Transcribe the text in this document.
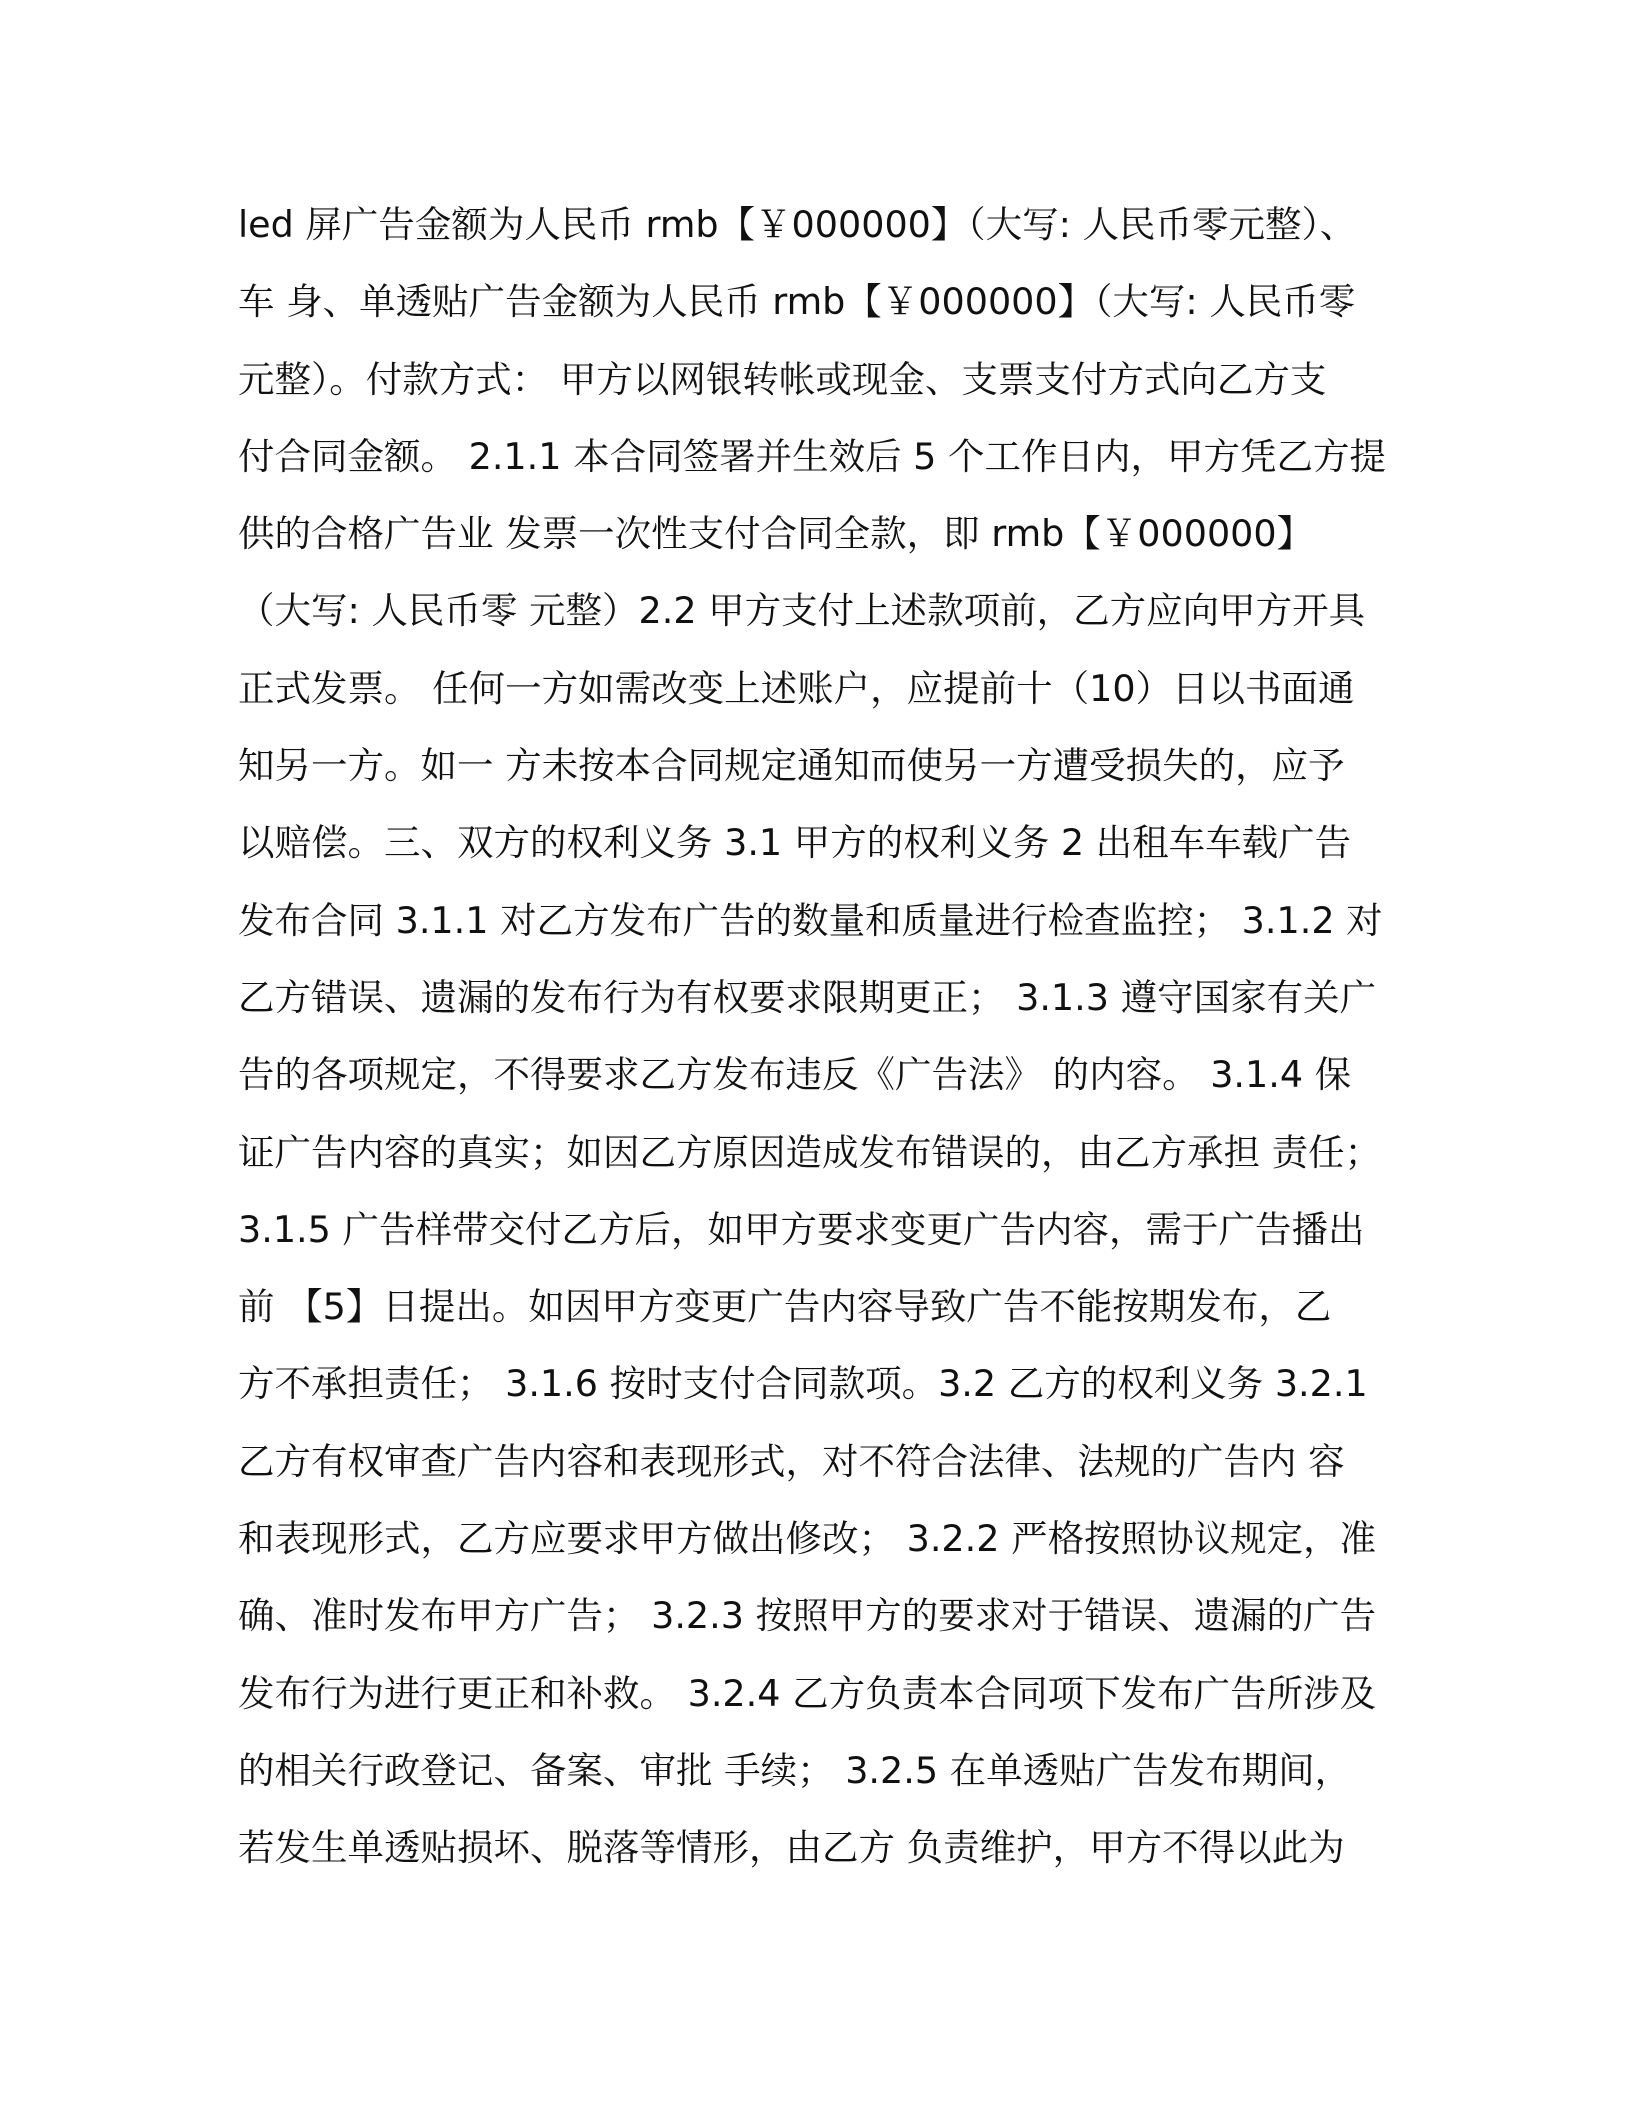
led 屏广告金额为人民币 rmb【￥000000】（大写: 人民币零元整）、
车 身、单透贴广告金额为人民币 rmb【￥000000】（大写: 人民币零
元整）。付款方式： 甲方以网银转帐或现金、支票支付方式向乙方支
付合同金额。 2.1.1 本合同签署并生效后 5 个工作日内，甲方凭乙方提
供的合格广告业 发票一次性支付合同全款，即 rmb【￥000000】
（大写: 人民币零 元整）2.2 甲方支付上述款项前，乙方应向甲方开具
正式发票。 任何一方如需改变上述账户，应提前十（10）日以书面通
知另一方。如一 方未按本合同规定通知而使另一方遭受损失的，应予
以赔偿。三、双方的权利义务 3.1 甲方的权利义务 2 出租车车载广告
发布合同 3.1.1 对乙方发布广告的数量和质量进行检查监控； 3.1.2 对
乙方错误、遗漏的发布行为有权要求限期更正； 3.1.3 遵守国家有关广
告的各项规定，不得要求乙方发布违反《广告法》 的内容。 3.1.4 保
证广告内容的真实；如因乙方原因造成发布错误的，由乙方承担 责任；
3.1.5 广告样带交付乙方后，如甲方要求变更广告内容，需于广告播出
前 【5】日提出。如因甲方变更广告内容导致广告不能按期发布，乙
方不承担责任； 3.1.6 按时支付合同款项。3.2 乙方的权利义务 3.2.1
乙方有权审查广告内容和表现形式，对不符合法律、法规的广告内 容
和表现形式，乙方应要求甲方做出修改； 3.2.2 严格按照协议规定，准
确、准时发布甲方广告； 3.2.3 按照甲方的要求对于错误、遗漏的广告
发布行为进行更正和补救。 3.2.4 乙方负责本合同项下发布广告所涉及
的相关行政登记、备案、审批 手续； 3.2.5 在单透贴广告发布期间，
若发生单透贴损坏、脱落等情形，由乙方 负责维护，甲方不得以此为
